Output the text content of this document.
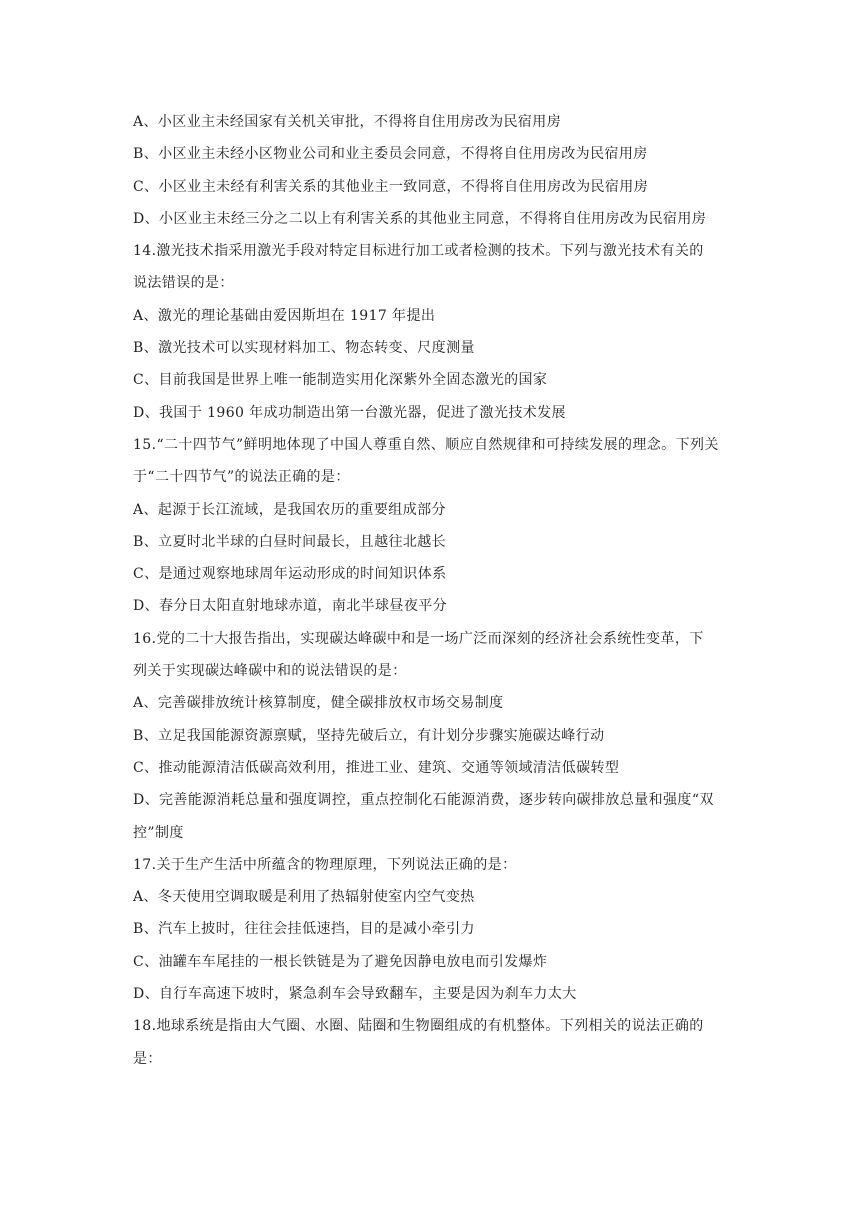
A、小区业主未经国家有关机关审批，不得将自住用房改为民宿用房
B、小区业主未经小区物业公司和业主委员会同意，不得将自住用房改为民宿用房
C、小区业主未经有利害关系的其他业主一致同意，不得将自住用房改为民宿用房
D、小区业主未经三分之二以上有利害关系的其他业主同意，不得将自住用房改为民宿用房
14.激光技术指采用激光手段对特定目标进行加工或者检测的技术。下列与激光技术有关的
说法错误的是：
A、激光的理论基础由爱因斯坦在 1917 年提出
B、激光技术可以实现材料加工、物态转变、尺度测量
C、目前我国是世界上唯一能制造实用化深紫外全固态激光的国家
D、我国于 1960 年成功制造出第一台激光器，促进了激光技术发展
15.“二十四节气”鲜明地体现了中国人尊重自然、顺应自然规律和可持续发展的理念。下列关
于“二十四节气”的说法正确的是：
A、起源于长江流域，是我国农历的重要组成部分
B、立夏时北半球的白昼时间最长，且越往北越长
C、是通过观察地球周年运动形成的时间知识体系
D、春分日太阳直射地球赤道，南北半球昼夜平分
16.党的二十大报告指出，实现碳达峰碳中和是一场广泛而深刻的经济社会系统性变革，下
列关于实现碳达峰碳中和的说法错误的是：
A、完善碳排放统计核算制度，健全碳排放权市场交易制度
B、立足我国能源资源禀赋，坚持先破后立，有计划分步骤实施碳达峰行动
C、推动能源清洁低碳高效利用，推进工业、建筑、交通等领域清洁低碳转型
D、完善能源消耗总量和强度调控，重点控制化石能源消费，逐步转向碳排放总量和强度“双
控”制度
17.关于生产生活中所蕴含的物理原理，下列说法正确的是：
A、冬天使用空调取暖是利用了热辐射使室内空气变热
B、汽车上披时，往往会挂低速挡，目的是减小牵引力
C、油罐车车尾挂的一根长铁链是为了避免因静电放电而引发爆炸
D、自行车高速下坡时，紧急刹车会导致翻车，主要是因为刹车力太大
18.地球系统是指由大气圈、水圈、陆圈和生物圈组成的有机整体。下列相关的说法正确的
是：
